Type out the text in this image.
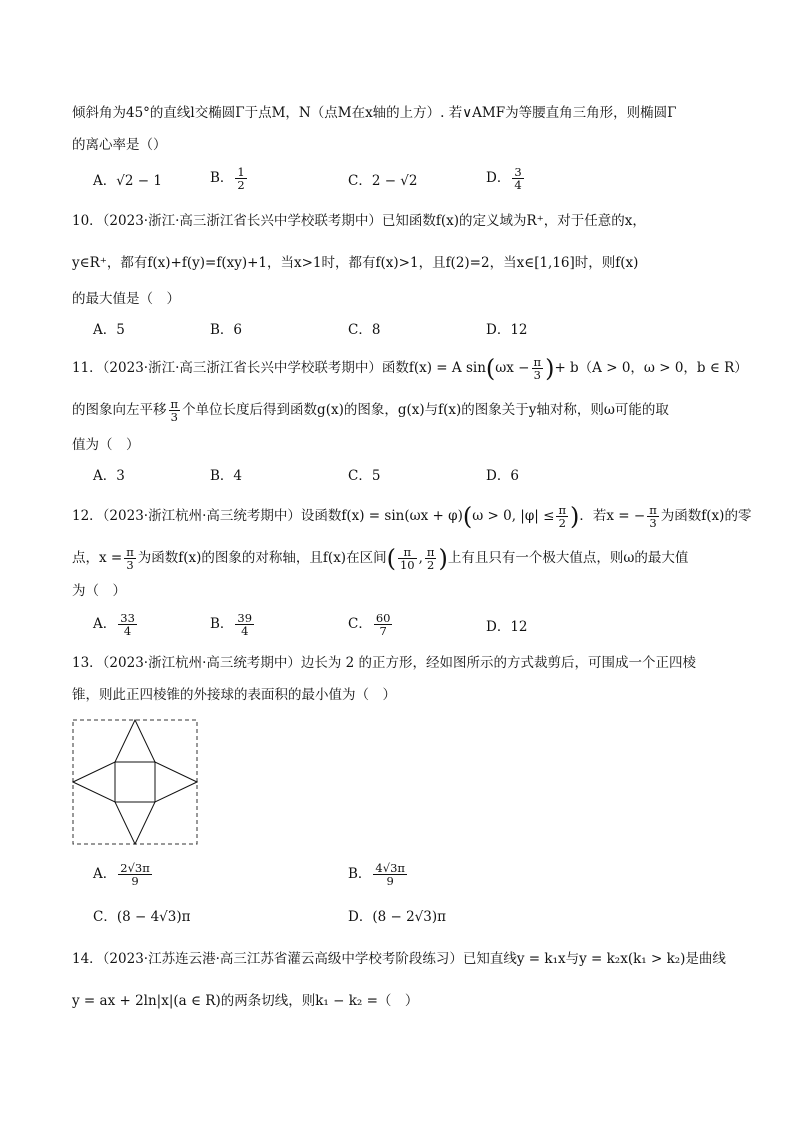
倾斜角为45°的直线l交椭圆Γ于点M，N（点M在x轴的上方）. 若∨AMF为等腰直角三角形，则椭圆Γ
的离心率是（）
A．√2 − 1	B． $\frac{1}{2}$	C．2 − √2	D． $\frac{3}{4}$
10．（2023·浙江·高三浙江省长兴中学校联考期中）已知函数f(x)的定义域为R⁺，对于任意的x，
y∈R⁺，都有f(x)+f(y)=f(xy)+1，当x>1时，都有f(x)>1，且f(2)=2，当x∈[1,16]时，则f(x)
的最大值是（　）
A．5	B．6	C．8	D．12
11．（2023·浙江·高三浙江省长兴中学校联考期中）函数f(x) = A $\sin(\omega x - \frac{\pi}{3}$ )+ b（A > 0，ω > 0，b ∈ R）
的图象向左平移 $\frac{\pi}{3}$ 个单位长度后得到函数g(x)的图象，g(x)与f(x)的图象关于y轴对称，则ω可能的取
值为（　）
A．3	B．4	C．5	D．6
12．（2023·浙江杭州·高三统考期中）设函数f(x) = sin(ωx + φ)(ω > 0, $|\varphi| \le \frac{\pi}{2}$ )．若x = − $\frac{\pi}{3}$ 为函数f(x)的零
点，$x = \frac{\pi}{3}$ 为函数f(x)的图象的对称轴，且f(x)在区间( $\frac{\pi}{10}$ , $\frac{\pi}{2}$ )上有且只有一个极大值点，则ω的最大值
为（　）
A． $\frac{33}{4}$	B． $\frac{39}{4}$	C． $\frac{60}{7}$	D．12
13．（2023·浙江杭州·高三统考期中）边长为 2 的正方形，经如图所示的方式裁剪后，可围成一个正四棱
锥，则此正四棱锥的外接球的表面积的最小值为（　）
A． $\frac{2√3\pi}{9}$	B． $\frac{4√3\pi}{9}$
C．(8 − 4√3)π	D．(8 − 2√3)π
14．（2023·江苏连云港·高三江苏省灌云高级中学校考阶段练习）已知直线y = k₁x与y = k₂x(k₁ > k₂)是曲线
y = ax + 2ln|x|(a ∈ R)的两条切线，则k₁ − k₂ =（　）
